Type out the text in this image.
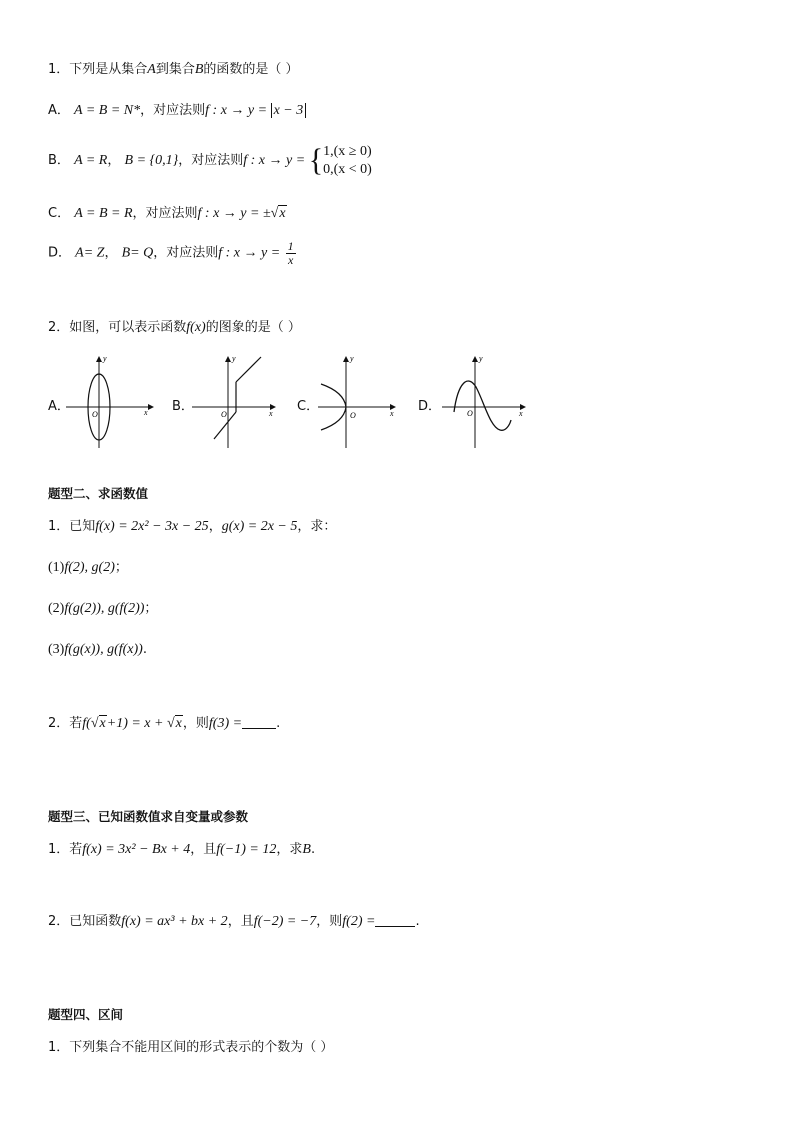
1．下列是从集合A到集合B的函数的是（ ）
A． A = B = N*，对应法则f : x → y = x − 3
B． A = R， B = {0,1}，对应法则f : x → y = { 1,(x ≥ 0)
0,(x < 0)
C． A = B = R，对应法则f : x → y = ±√x
D． A= Z， B= Q，对应法则f : $x \to y = \frac{1}{x}$
2．如图，可以表示函数f(x)的图象的是（ ）
A．	B．	C．	D．
y
x
O
y
x
O
y
x
O
y
x
O
题型二、求函数值
1．已知f(x) = 2x² − 3x − 25，g(x) = 2x − 5，求：
(1)f(2), g(2)；
(2)f(g(2)), g(f(2))；
(3)f(g(x)), g(f(x)).
2．若f(√x+1) = x + √x，则f(3) =	.
题型三、已知函数值求自变量或参数
1．若f(x) = 3x² − Bx + 4，且f(−1) = 12，求B.
2．已知函数f(x) = ax³ + bx + 2，且f(−2) = −7，则f(2) =	.
题型四、区间
1．下列集合不能用区间的形式表示的个数为（ ）
